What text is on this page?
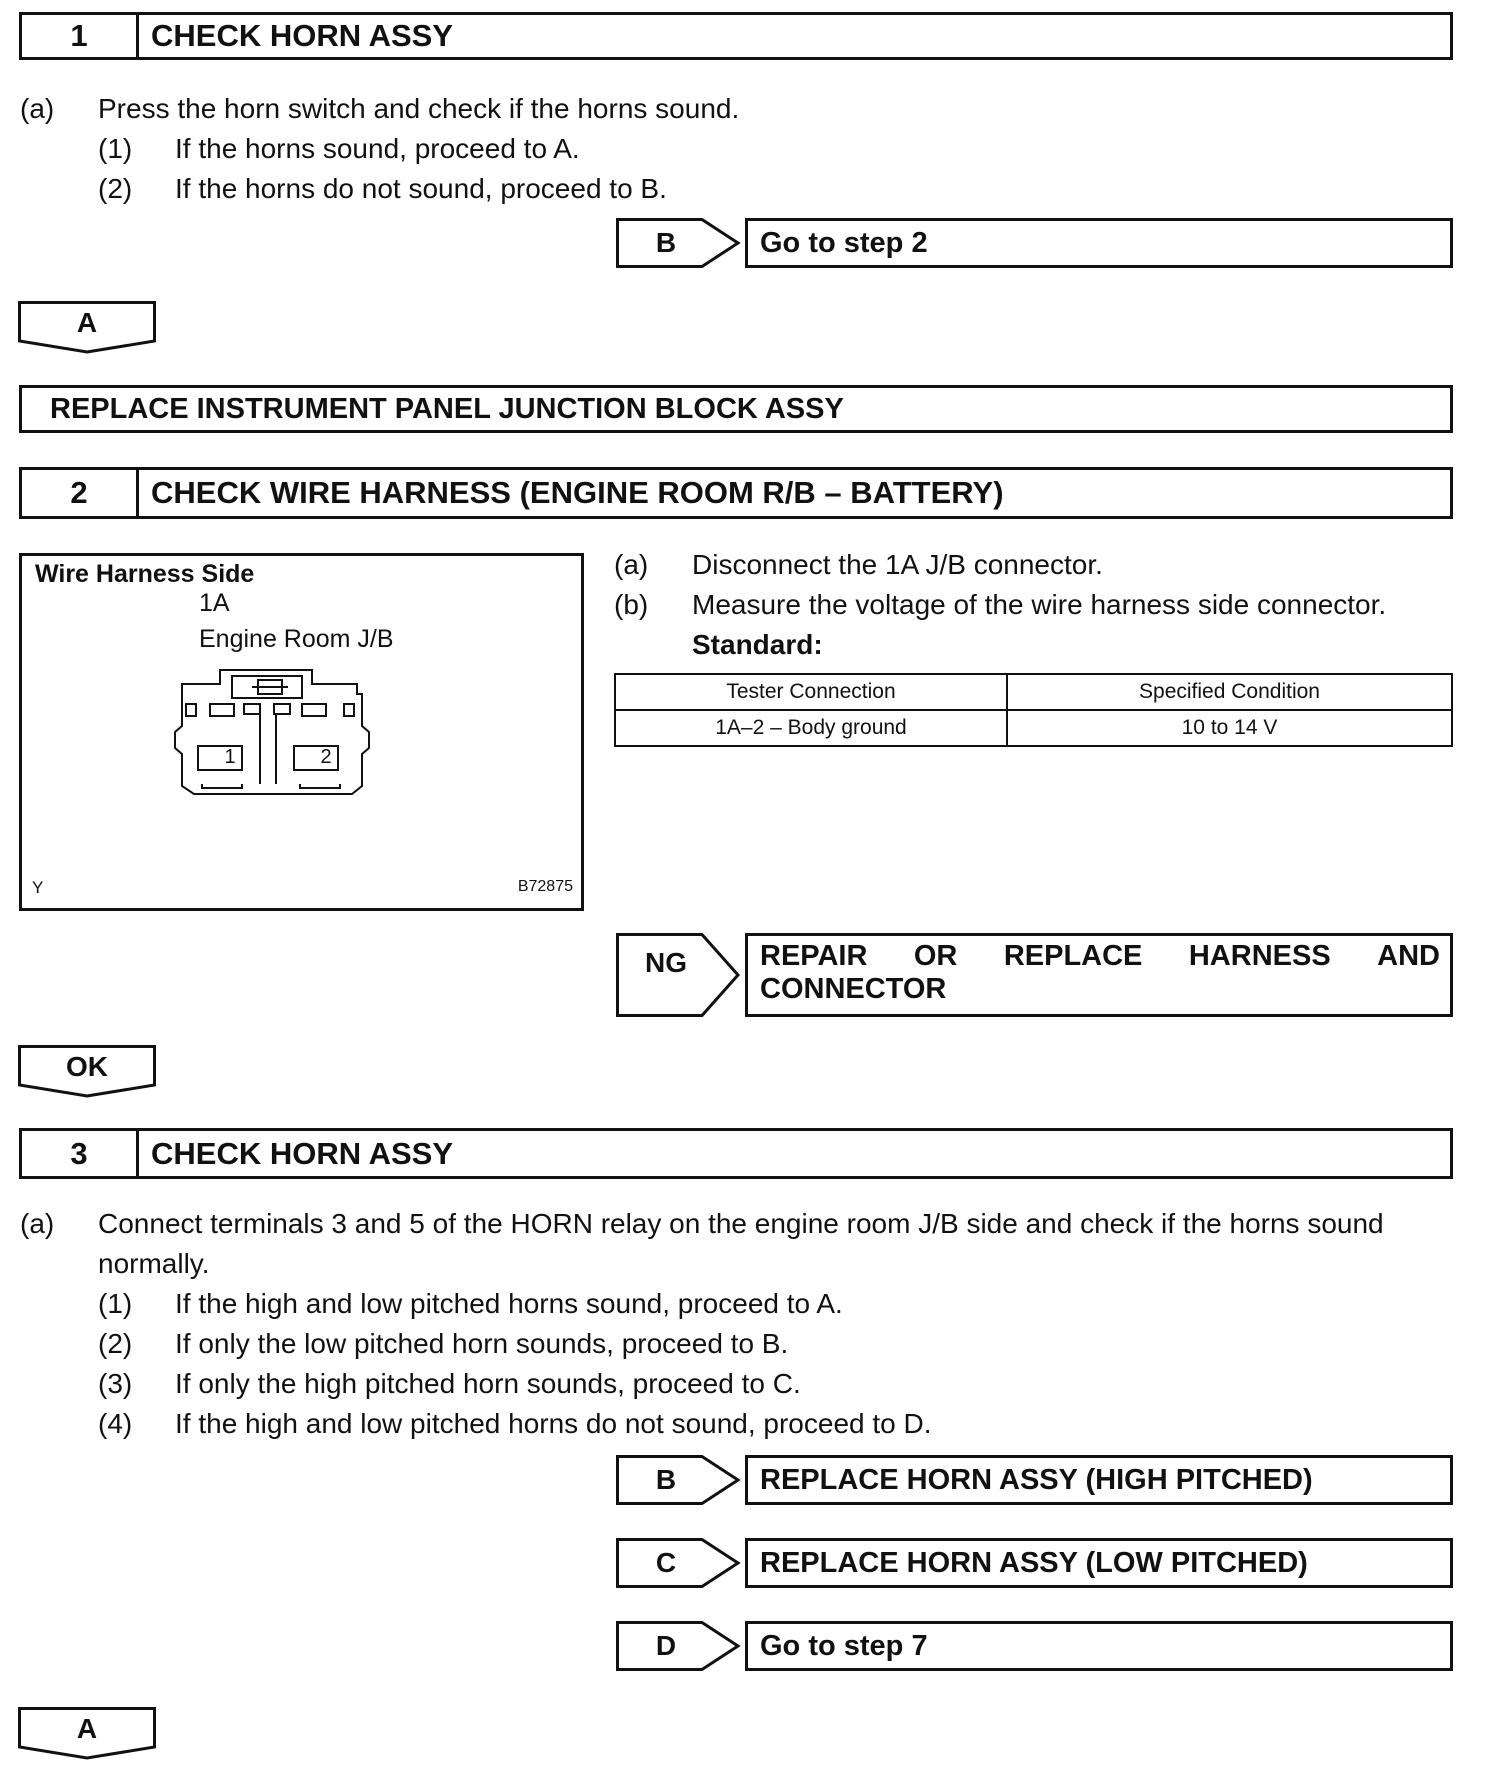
1	CHECK HORN ASSY
(a) Press the horn switch and check if the horns sound.
(1) If the horns sound, proceed to A.
(2) If the horns do not sound, proceed to B.
B	Go to step 2
A
REPLACE INSTRUMENT PANEL JUNCTION BLOCK ASSY
2	CHECK WIRE HARNESS (ENGINE ROOM R/B – BATTERY)
Wire Harness Side
1A
Engine Room J/B
1	2
Y	B72875
(a) Disconnect the 1A J/B connector.
(b) Measure the voltage of the wire harness side connector.
Standard:
Tester Connection	Specified Condition
1A–2 – Body ground	10 to 14 V
NG	REPAIR OR REPLACE HARNESS AND
CONNECTOR
OK
3	CHECK HORN ASSY
(a) Connect terminals 3 and 5 of the HORN relay on the engine room J/B side and check if the horns sound
normally.
(1) If the high and low pitched horns sound, proceed to A.
(2) If only the low pitched horn sounds, proceed to B.
(3) If only the high pitched horn sounds, proceed to C.
(4) If the high and low pitched horns do not sound, proceed to D.
B	REPLACE HORN ASSY (HIGH PITCHED)
C	REPLACE HORN ASSY (LOW PITCHED)
D	Go to step 7
A
